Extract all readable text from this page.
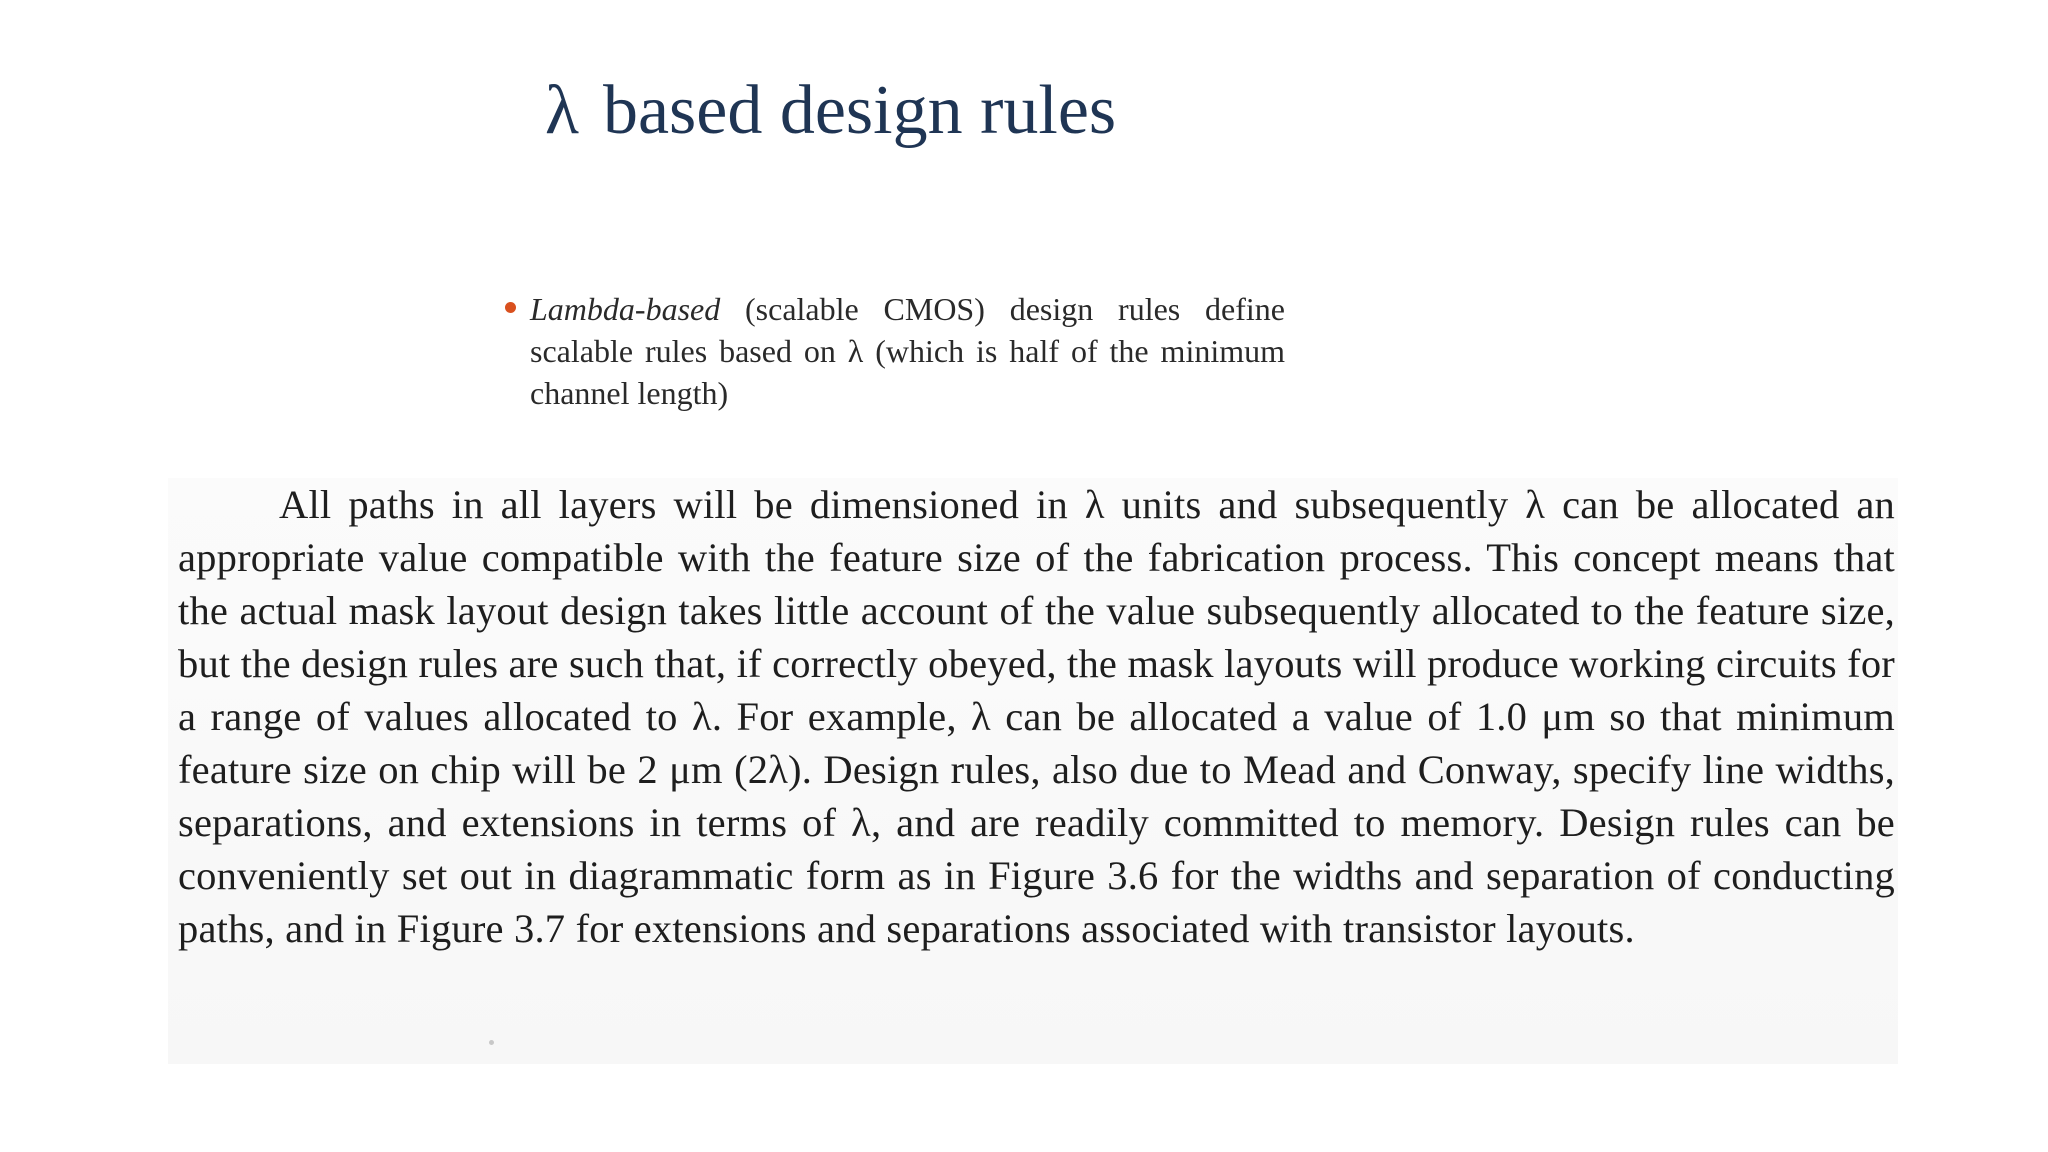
λ based design rules

Lambda-based (scalable CMOS) design rules define scalable rules based on λ (which is half of the minimum channel length)

All paths in all layers will be dimensioned in λ units and subsequently λ can be allocated an appropriate value compatible with the feature size of the fabrication process. This concept means that the actual mask layout design takes little account of the value subsequently allocated to the feature size, but the design rules are such that, if correctly obeyed, the mask layouts will produce working circuits for a range of values allocated to λ. For example, λ can be allocated a value of 1.0 μm so that minimum feature size on chip will be 2 μm (2λ). Design rules, also due to Mead and Conway, specify line widths, separations, and extensions in terms of λ, and are readily committed to memory. Design rules can be conveniently set out in diagrammatic form as in Figure 3.6 for the widths and separation of conducting paths, and in Figure 3.7 for extensions and separations associated with transistor layouts.
